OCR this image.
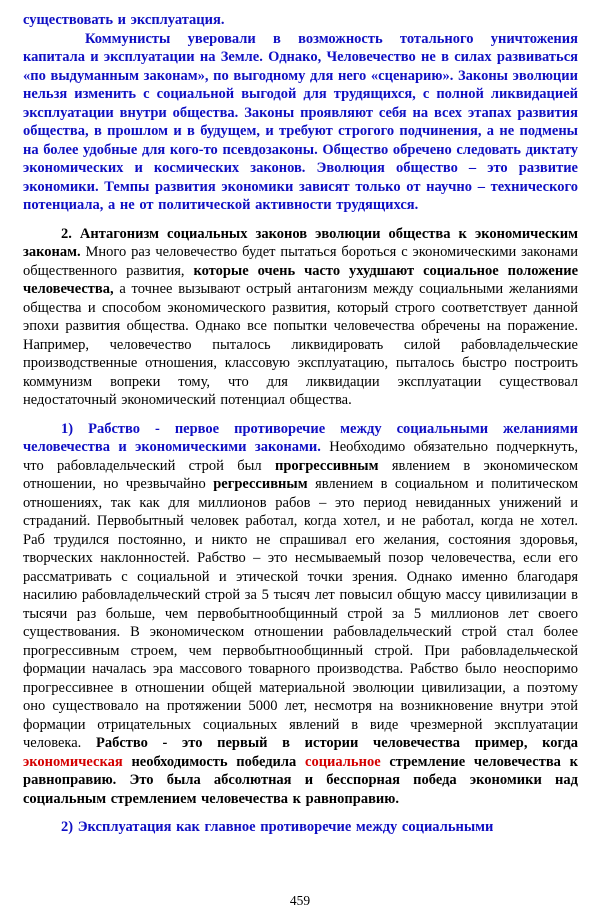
существовать и эксплуатация.

Коммунисты уверовали в возможность тотального уничтожения капитала и эксплуатации на Земле. Однако, Человечество не в силах развиваться «по выдуманным законам», по выгодному для него «сценарию». Законы эволюции нельзя изменить с социальной выгодой для трудящихся, с полной ликвидацией эксплуатации внутри общества. Законы проявляют себя на всех этапах развития общества, в прошлом и в будущем, и требуют строгого подчинения, а не подмены на более удобные для кого-то псевдозаконы. Общество обречено следовать диктату экономических и космических законов. Эволюция общество – это развитие экономики. Темпы развития экономики зависят только от научно – технического потенциала, а не от политической активности трудящихся.

2. Антагонизм социальных законов эволюции общества к экономическим законам. Много раз человечество будет пытаться бороться с экономическими законами общественного развития, которые очень часто ухудшают социальное положение человечества, а точнее вызывают острый антагонизм между социальными желаниями общества и способом экономического развития, который строго соответствует данной эпохи развития общества. Однако все попытки человечества обречены на поражение. Например, человечество пыталось ликвидировать силой рабовладельческие производственные отношения, классовую эксплуатацию, пыталось быстро построить коммунизм вопреки тому, что для ликвидации эксплуатации существовал недостаточный экономический потенциал общества.

1) Рабство - первое противоречие между социальными желаниями человечества и экономическими законами. Необходимо обязательно подчеркнуть, что рабовладельческий строй был прогрессивным явлением в экономическом отношении, но чрезвычайно регрессивным явлением в социальном и политическом отношениях, так как для миллионов рабов – это период невиданных унижений и страданий. Первобытный человек работал, когда хотел, и не работал, когда не хотел. Раб трудился постоянно, и никто не спрашивал его желания, состояния здоровья, творческих наклонностей. Рабство – это несмываемый позор человечества, если его рассматривать с социальной и этической точки зрения. Однако именно благодаря насилию рабовладельческий строй за 5 тысяч лет повысил общую массу цивилизации в тысячи раз больше, чем первобытнообщинный строй за 5 миллионов лет своего существования. В экономическом отношении рабовладельческий строй стал более прогрессивным строем, чем первобытнообщинный строй. При рабовладельческой формации началась эра массового товарного производства. Рабство было неоспоримо прогрессивнее в отношении общей материальной эволюции цивилизации, а поэтому оно существовало на протяжении 5000 лет, несмотря на возникновение внутри этой формации отрицательных социальных явлений в виде чрезмерной эксплуатации человека. Рабство - это первый в истории человечества пример, когда экономическая необходимость победила социальное стремление человечества к равноправию. Это была абсолютная и бесспорная победа экономики над социальным стремлением человечества к равноправию.

2) Эксплуатация как главное противоречие между социальными

459
